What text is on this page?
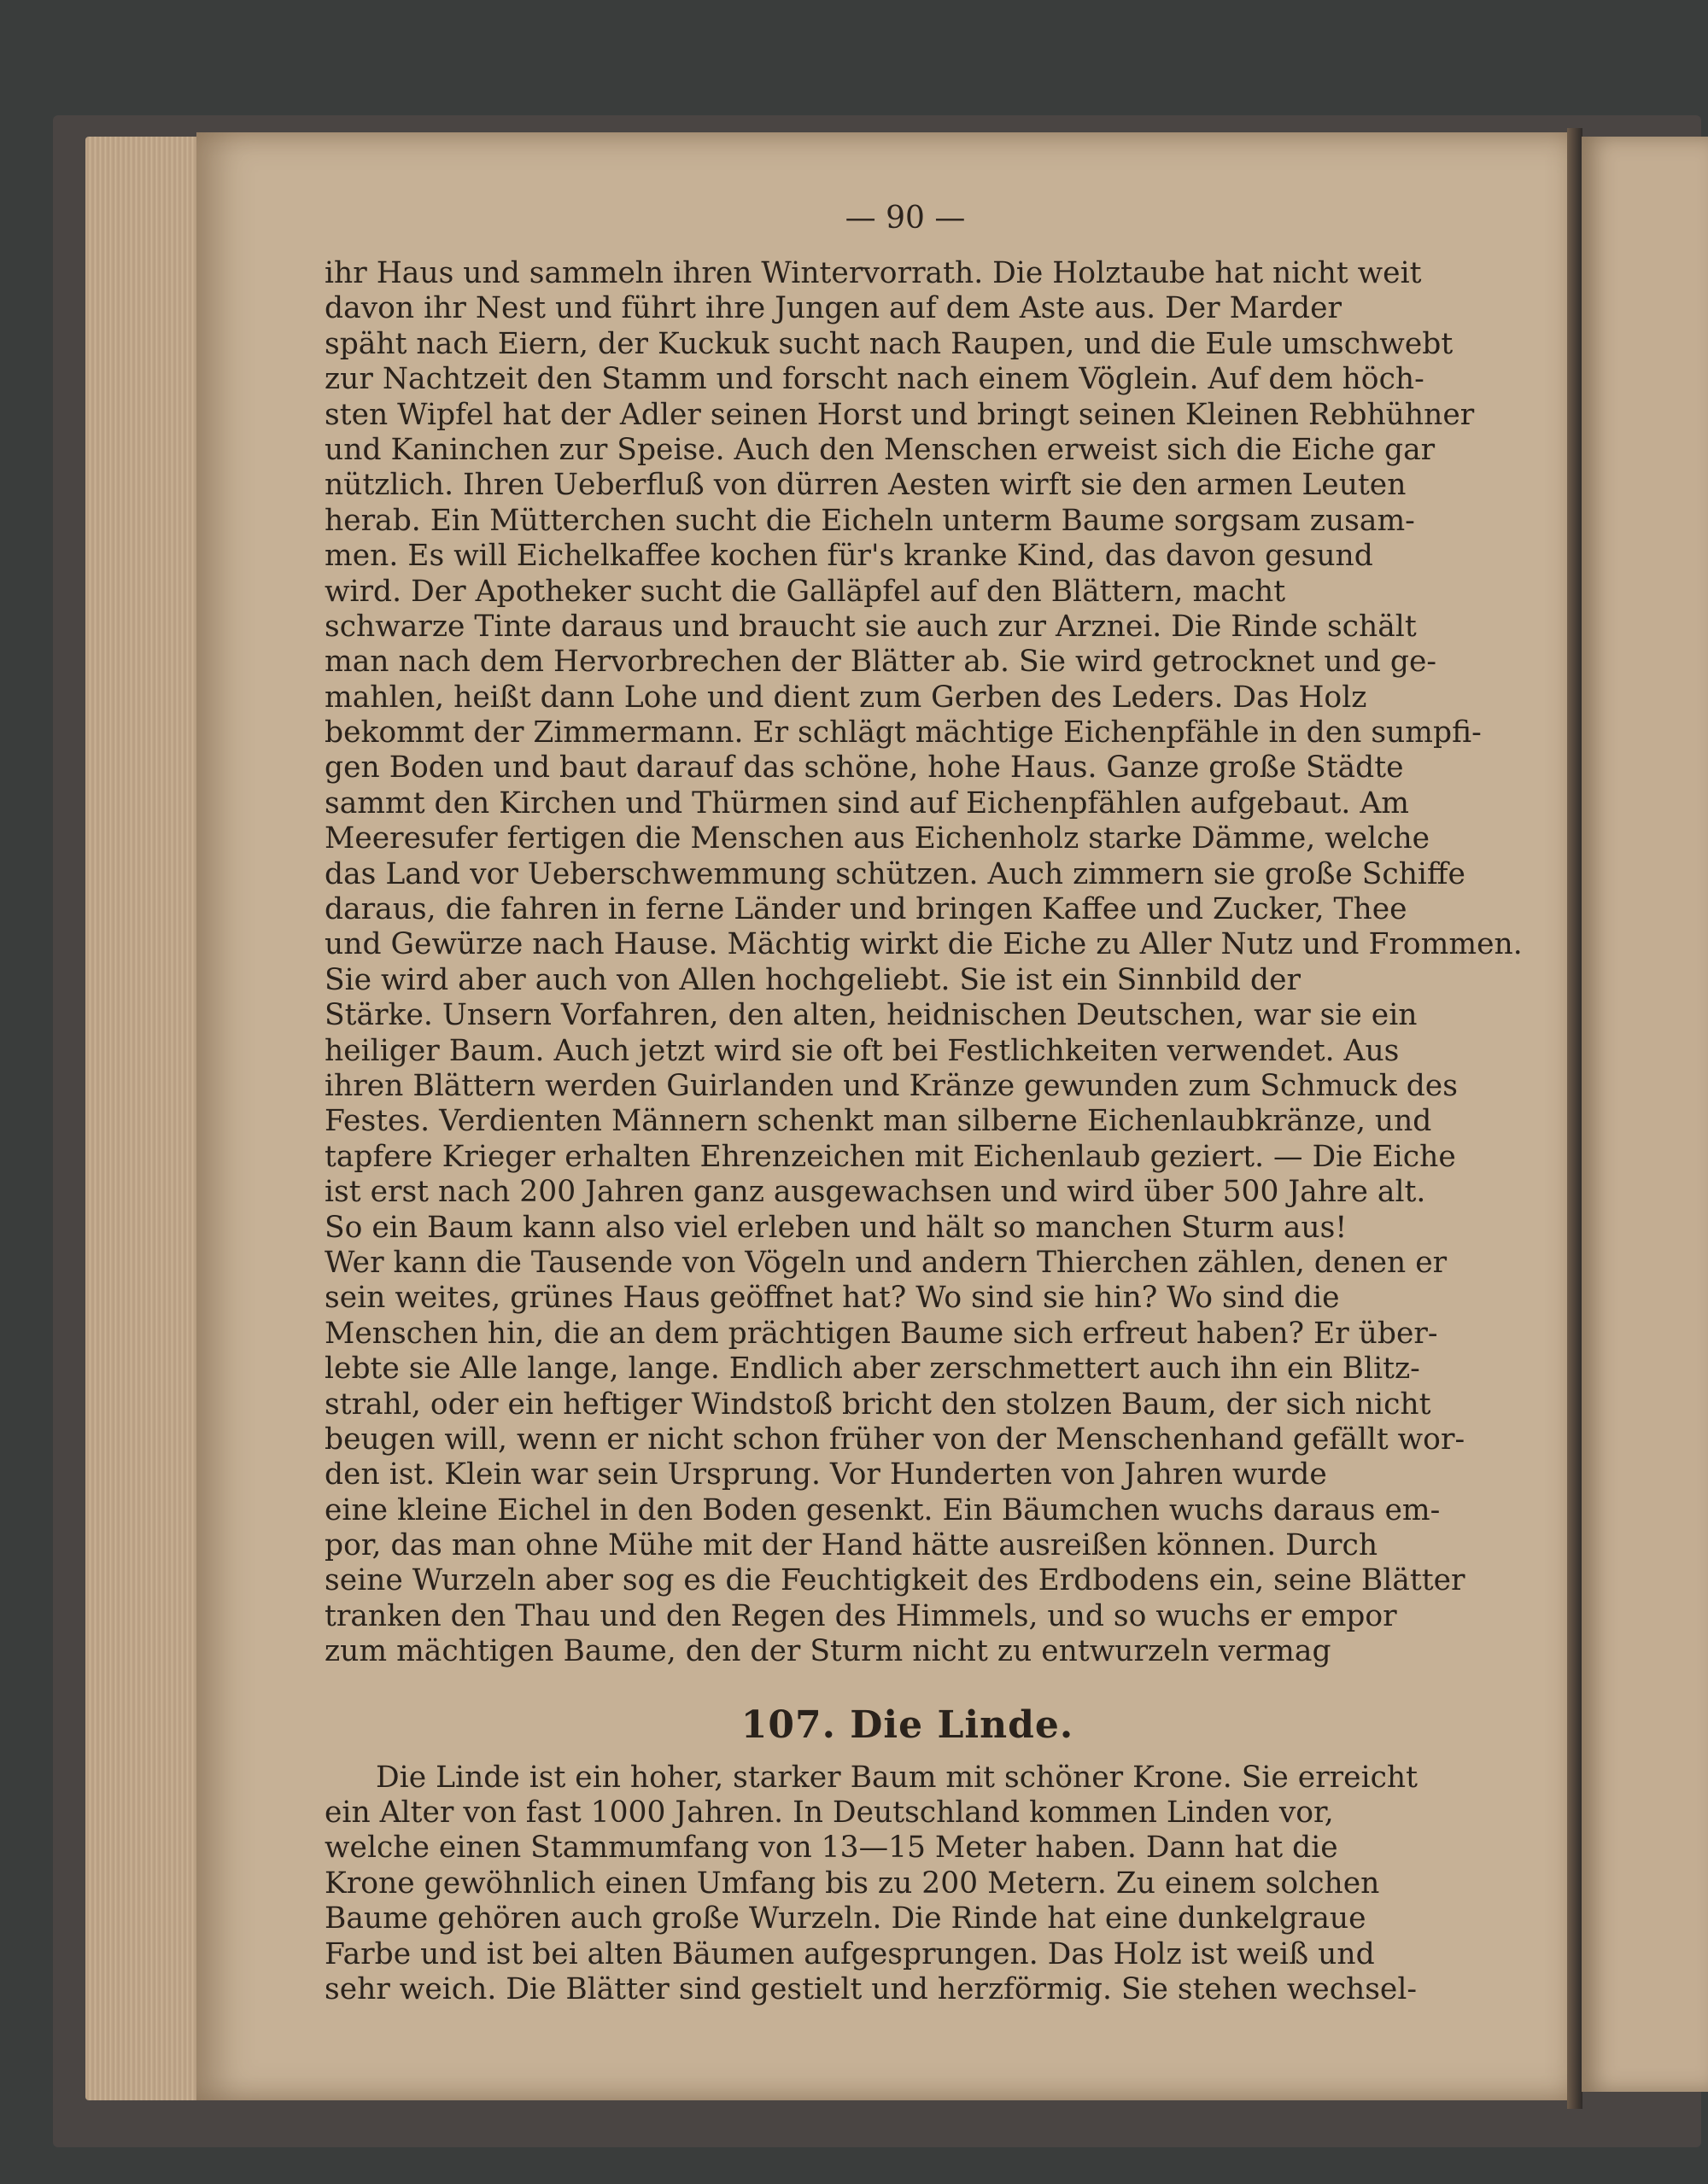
— 90 —
ihr Haus und sammeln ihren Wintervorrath. Die Holztaube hat nicht weit
davon ihr Nest und führt ihre Jungen auf dem Aste aus. Der Marder
späht nach Eiern, der Kuckuk sucht nach Raupen, und die Eule umschwebt
zur Nachtzeit den Stamm und forscht nach einem Vöglein. Auf dem höch-
sten Wipfel hat der Adler seinen Horst und bringt seinen Kleinen Rebhühner
und Kaninchen zur Speise. Auch den Menschen erweist sich die Eiche gar
nützlich. Ihren Ueberfluß von dürren Aesten wirft sie den armen Leuten
herab. Ein Mütterchen sucht die Eicheln unterm Baume sorgsam zusam-
men. Es will Eichelkaffee kochen für's kranke Kind, das davon gesund
wird. Der Apotheker sucht die Galläpfel auf den Blättern, macht
schwarze Tinte daraus und braucht sie auch zur Arznei. Die Rinde schält
man nach dem Hervorbrechen der Blätter ab. Sie wird getrocknet und ge-
mahlen, heißt dann Lohe und dient zum Gerben des Leders. Das Holz
bekommt der Zimmermann. Er schlägt mächtige Eichenpfähle in den sumpfi-
gen Boden und baut darauf das schöne, hohe Haus. Ganze große Städte
sammt den Kirchen und Thürmen sind auf Eichenpfählen aufgebaut. Am
Meeresufer fertigen die Menschen aus Eichenholz starke Dämme, welche
das Land vor Ueberschwemmung schützen. Auch zimmern sie große Schiffe
daraus, die fahren in ferne Länder und bringen Kaffee und Zucker, Thee
und Gewürze nach Hause. Mächtig wirkt die Eiche zu Aller Nutz und Frommen.
Sie wird aber auch von Allen hochgeliebt. Sie ist ein Sinnbild der
Stärke. Unsern Vorfahren, den alten, heidnischen Deutschen, war sie ein
heiliger Baum. Auch jetzt wird sie oft bei Festlichkeiten verwendet. Aus
ihren Blättern werden Guirlanden und Kränze gewunden zum Schmuck des
Festes. Verdienten Männern schenkt man silberne Eichenlaubkränze, und
tapfere Krieger erhalten Ehrenzeichen mit Eichenlaub geziert. — Die Eiche
ist erst nach 200 Jahren ganz ausgewachsen und wird über 500 Jahre alt.
So ein Baum kann also viel erleben und hält so manchen Sturm aus!
Wer kann die Tausende von Vögeln und andern Thierchen zählen, denen er
sein weites, grünes Haus geöffnet hat? Wo sind sie hin? Wo sind die
Menschen hin, die an dem prächtigen Baume sich erfreut haben? Er über-
lebte sie Alle lange, lange. Endlich aber zerschmettert auch ihn ein Blitz-
strahl, oder ein heftiger Windstoß bricht den stolzen Baum, der sich nicht
beugen will, wenn er nicht schon früher von der Menschenhand gefällt wor-
den ist. Klein war sein Ursprung. Vor Hunderten von Jahren wurde
eine kleine Eichel in den Boden gesenkt. Ein Bäumchen wuchs daraus em-
por, das man ohne Mühe mit der Hand hätte ausreißen können. Durch
seine Wurzeln aber sog es die Feuchtigkeit des Erdbodens ein, seine Blätter
tranken den Thau und den Regen des Himmels, und so wuchs er empor
zum mächtigen Baume, den der Sturm nicht zu entwurzeln vermag
107. Die Linde.
Die Linde ist ein hoher, starker Baum mit schöner Krone. Sie erreicht
ein Alter von fast 1000 Jahren. In Deutschland kommen Linden vor,
welche einen Stammumfang von 13—15 Meter haben. Dann hat die
Krone gewöhnlich einen Umfang bis zu 200 Metern. Zu einem solchen
Baume gehören auch große Wurzeln. Die Rinde hat eine dunkelgraue
Farbe und ist bei alten Bäumen aufgesprungen. Das Holz ist weiß und
sehr weich. Die Blätter sind gestielt und herzförmig. Sie stehen wechsel-
